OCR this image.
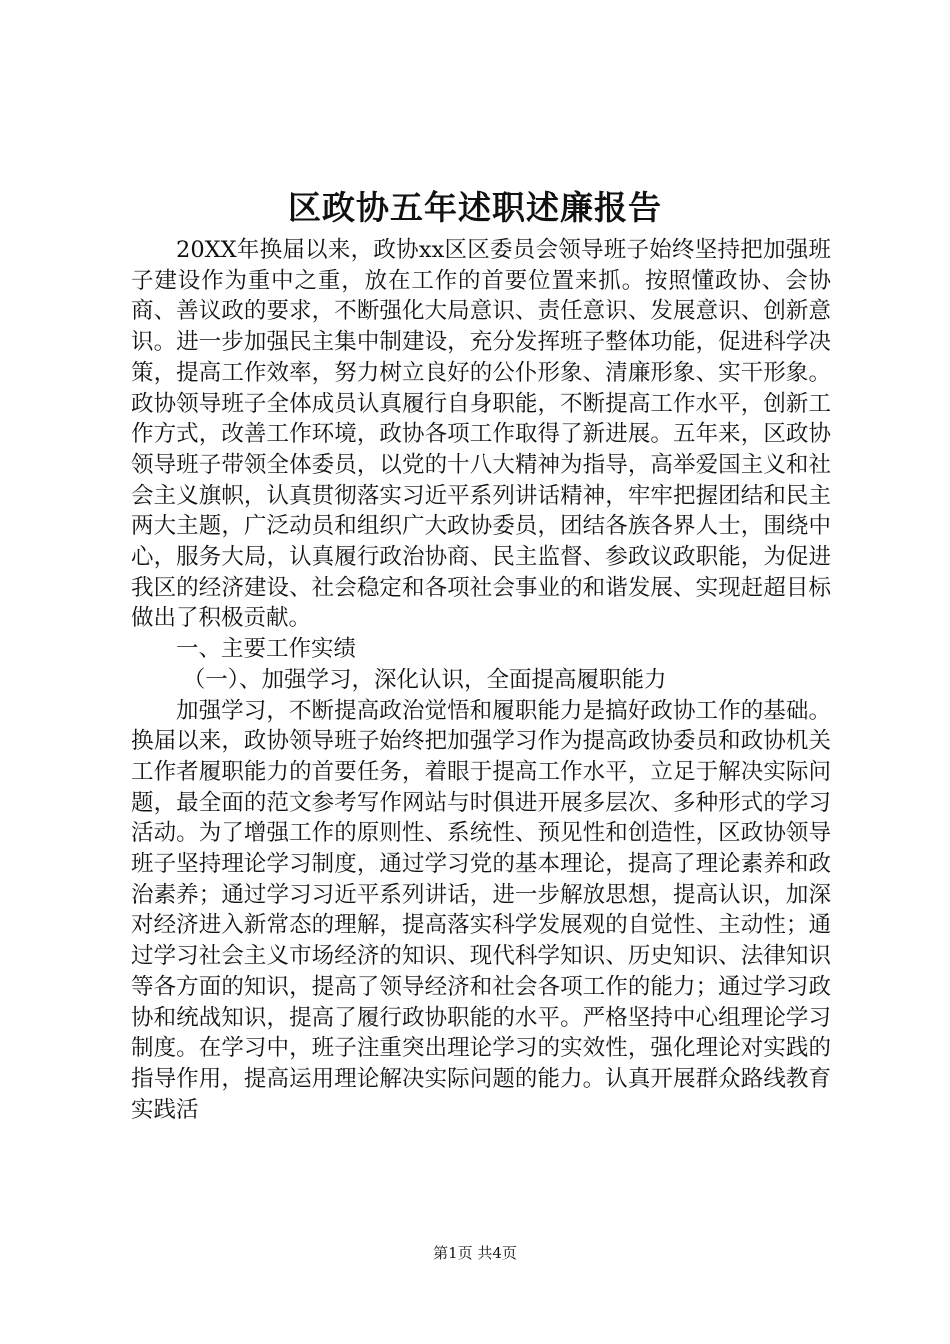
区政协五年述职述廉报告

20XX年换届以来，政协xx区区委员会领导班子始终坚持把加强班子建设作为重中之重，放在工作的首要位置来抓。按照懂政协、会协商、善议政的要求，不断强化大局意识、责任意识、发展意识、创新意识。进一步加强民主集中制建设，充分发挥班子整体功能，促进科学决策，提高工作效率，努力树立良好的公仆形象、清廉形象、实干形象。政协领导班子全体成员认真履行自身职能，不断提高工作水平，创新工作方式，改善工作环境，政协各项工作取得了新进展。五年来，区政协领导班子带领全体委员，以党的十八大精神为指导，高举爱国主义和社会主义旗帜，认真贯彻落实习近平系列讲话精神，牢牢把握团结和民主两大主题，广泛动员和组织广大政协委员，团结各族各界人士，围绕中心，服务大局，认真履行政治协商、民主监督、参政议政职能，为促进我区的经济建设、社会稳定和各项社会事业的和谐发展、实现赶超目标做出了积极贡献。

一、主要工作实绩

（一）、加强学习，深化认识，全面提高履职能力

加强学习，不断提高政治觉悟和履职能力是搞好政协工作的基础。换届以来，政协领导班子始终把加强学习作为提高政协委员和政协机关工作者履职能力的首要任务，着眼于提高工作水平，立足于解决实际问题，最全面的范文参考写作网站与时俱进开展多层次、多种形式的学习活动。为了增强工作的原则性、系统性、预见性和创造性，区政协领导班子坚持理论学习制度，通过学习党的基本理论，提高了理论素养和政治素养；通过学习习近平系列讲话，进一步解放思想，提高认识，加深对经济进入新常态的理解，提高落实科学发展观的自觉性、主动性；通过学习社会主义市场经济的知识、现代科学知识、历史知识、法律知识等各方面的知识，提高了领导经济和社会各项工作的能力；通过学习政协和统战知识，提高了履行政协职能的水平。严格坚持中心组理论学习制度。在学习中，班子注重突出理论学习的实效性，强化理论对实践的指导作用，提高运用理论解决实际问题的能力。认真开展群众路线教育实践活

第1页 共4页
